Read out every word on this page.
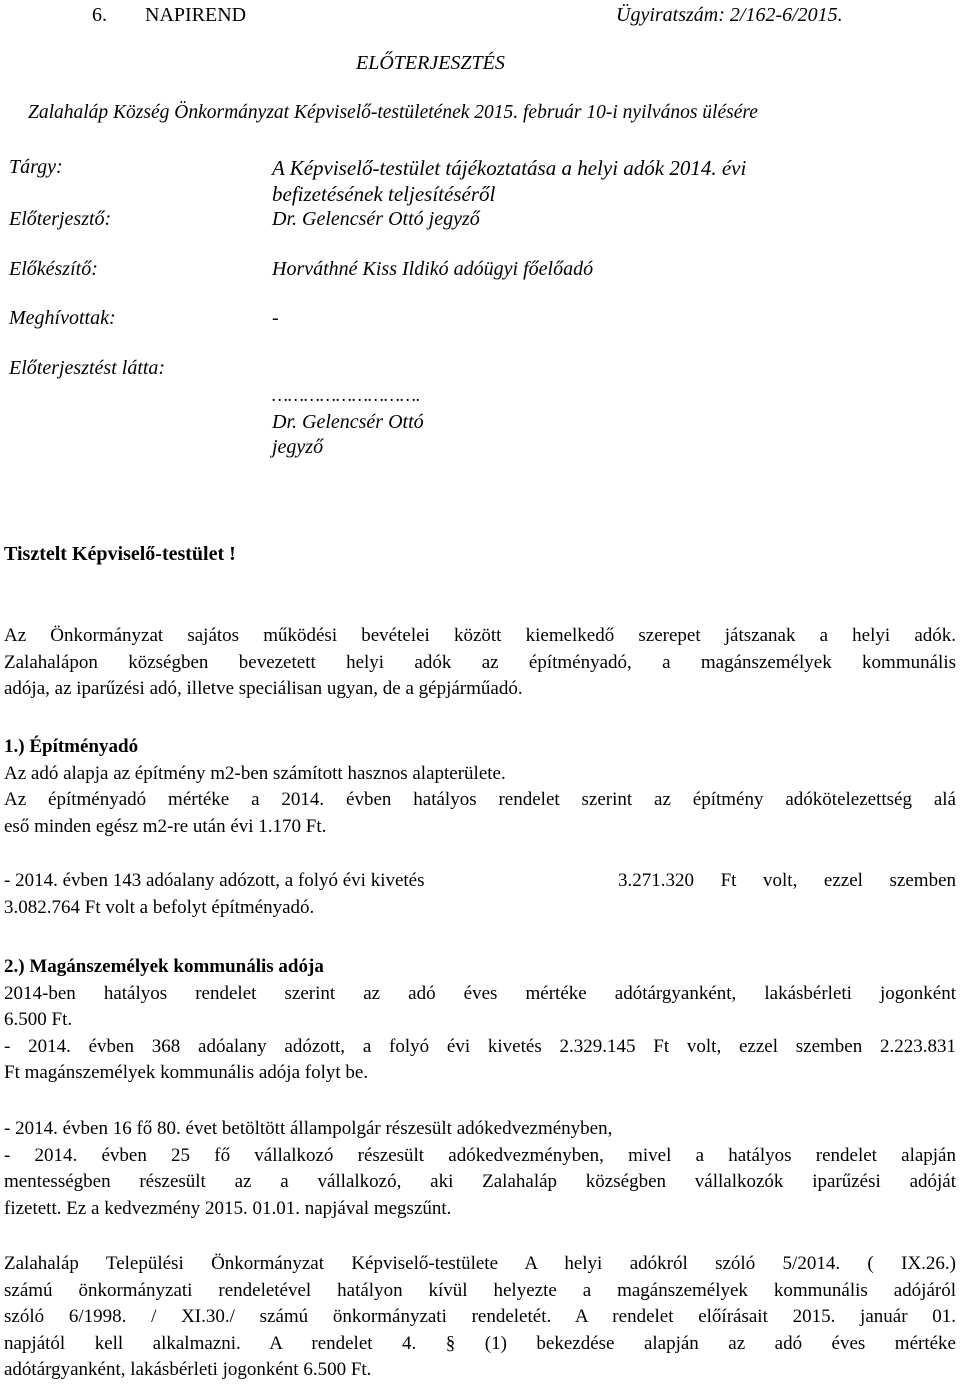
6. NAPIREND	Ügyiratszám: 2/162-6/2015.
ELŐTERJESZTÉS
Zalahaláp Község Önkormányzat Képviselő-testületének 2015. február 10-i nyilvános ülésére
Tárgy:	A Képviselő-testület tájékoztatása a helyi adók 2014. évi
befizetésének teljesítéséről
Előterjesztő:	Dr. Gelencsér Ottó jegyző
Előkészítő:	Horváthné Kiss Ildikó adóügyi főelőadó
Meghívottak:	-
Előterjesztést látta:
……………………….
Dr. Gelencsér Ottó
jegyző
Tisztelt Képviselő-testület !
Az Önkormányzat sajátos működési bevételei között kiemelkedő szerepet játszanak a helyi adók.
Zalahalápon községben bevezetett helyi adók az építményadó, a magánszemélyek kommunális
adója, az iparűzési adó, illetve speciálisan ugyan, de a gépjárműadó.
1.) Építményadó
Az adó alapja az építmény m2-ben számított hasznos alapterülete.
Az építményadó mértéke a 2014. évben hatályos rendelet szerint az építmény adókötelezettség alá
eső minden egész m2-re után évi 1.170 Ft.
- 2014. évben 143 adóalany adózott, a folyó évi kivetés	3.271.320 Ft volt, ezzel szemben
3.082.764 Ft volt a befolyt építményadó.
2.) Magánszemélyek kommunális adója
2014-ben hatályos rendelet szerint az adó éves mértéke adótárgyanként, lakásbérleti jogonként
6.500 Ft.
- 2014. évben 368 adóalany adózott, a folyó évi kivetés 2.329.145 Ft volt, ezzel szemben 2.223.831
Ft magánszemélyek kommunális adója folyt be.
- 2014. évben 16 fő 80. évet betöltött állampolgár részesült adókedvezményben,
- 2014. évben 25 fő vállalkozó részesült adókedvezményben, mivel a hatályos rendelet alapján
mentességben részesült az a vállalkozó, aki Zalahaláp községben vállalkozók iparűzési adóját
fizetett. Ez a kedvezmény 2015. 01.01. napjával megszűnt.
Zalahaláp Települési Önkormányzat Képviselő-testülete A helyi adókról szóló 5/2014. ( IX.26.)
számú önkormányzati rendeletével hatályon kívül helyezte a magánszemélyek kommunális adójáról
szóló 6/1998. / XI.30./ számú önkormányzati rendeletét. A rendelet előírásait 2015. január 01.
napjától kell alkalmazni. A rendelet 4. § (1) bekezdése alapján az adó éves mértéke
adótárgyanként, lakásbérleti jogonként 6.500 Ft.
